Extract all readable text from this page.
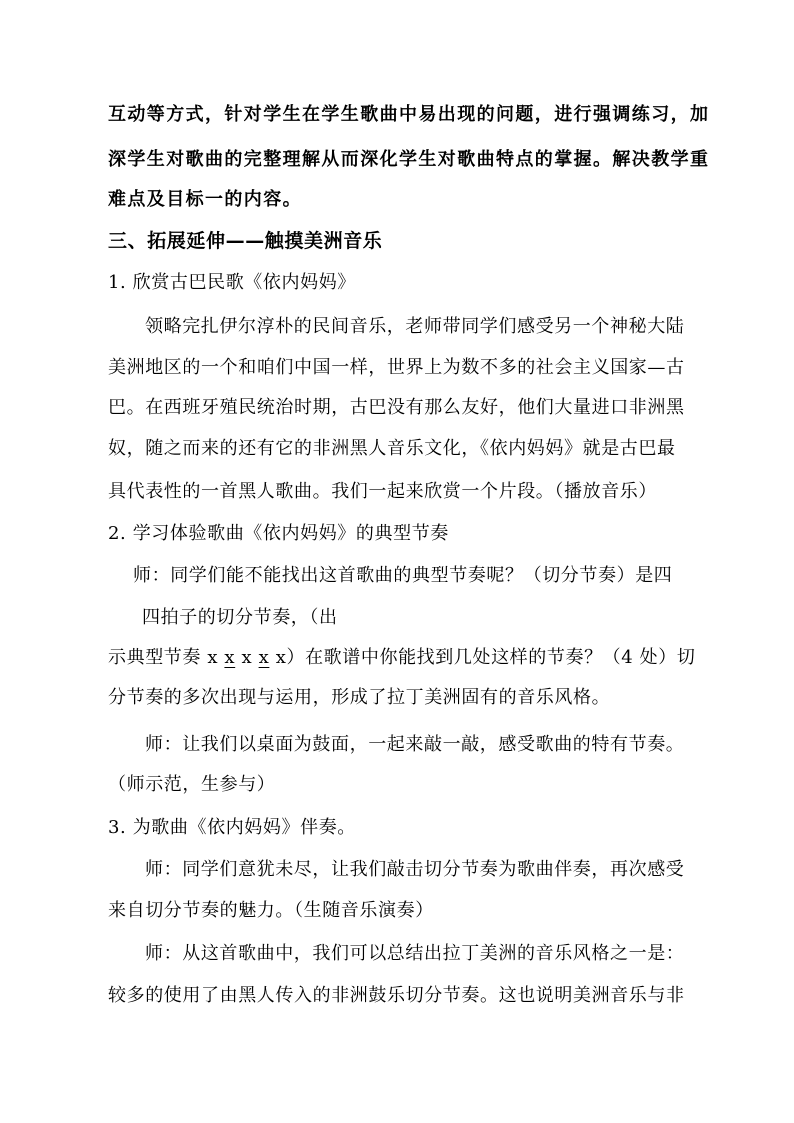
互动等方式，针对学生在学生歌曲中易出现的问题，进行强调练习，加
深学生对歌曲的完整理解从而深化学生对歌曲特点的掌握。解决教学重
难点及目标一的内容。
三、拓展延伸——触摸美洲音乐
1. 欣赏古巴民歌《依内妈妈》
领略完扎伊尔淳朴的民间音乐，老师带同学们感受另一个神秘大陆
美洲地区的一个和咱们中国一样，世界上为数不多的社会主义国家—古
巴。在西班牙殖民统治时期，古巴没有那么友好，他们大量进口非洲黑
奴，随之而来的还有它的非洲黑人音乐文化，《依内妈妈》就是古巴最
具代表性的一首黑人歌曲。我们一起来欣赏一个片段。（播放音乐）
2. 学习体验歌曲《依内妈妈》的典型节奏
师：同学们能不能找出这首歌曲的典型节奏呢？（切分节奏）是四
四拍子的切分节奏，（出
示典型节奏 x x x x x）在歌谱中你能找到几处这样的节奏？（4 处）切
分节奏的多次出现与运用，形成了拉丁美洲固有的音乐风格。
师：让我们以桌面为鼓面，一起来敲一敲，感受歌曲的特有节奏。
（师示范，生参与）
3. 为歌曲《依内妈妈》伴奏。
师：同学们意犹未尽，让我们敲击切分节奏为歌曲伴奏，再次感受
来自切分节奏的魅力。（生随音乐演奏）
师：从这首歌曲中，我们可以总结出拉丁美洲的音乐风格之一是：
较多的使用了由黑人传入的非洲鼓乐切分节奏。这也说明美洲音乐与非
